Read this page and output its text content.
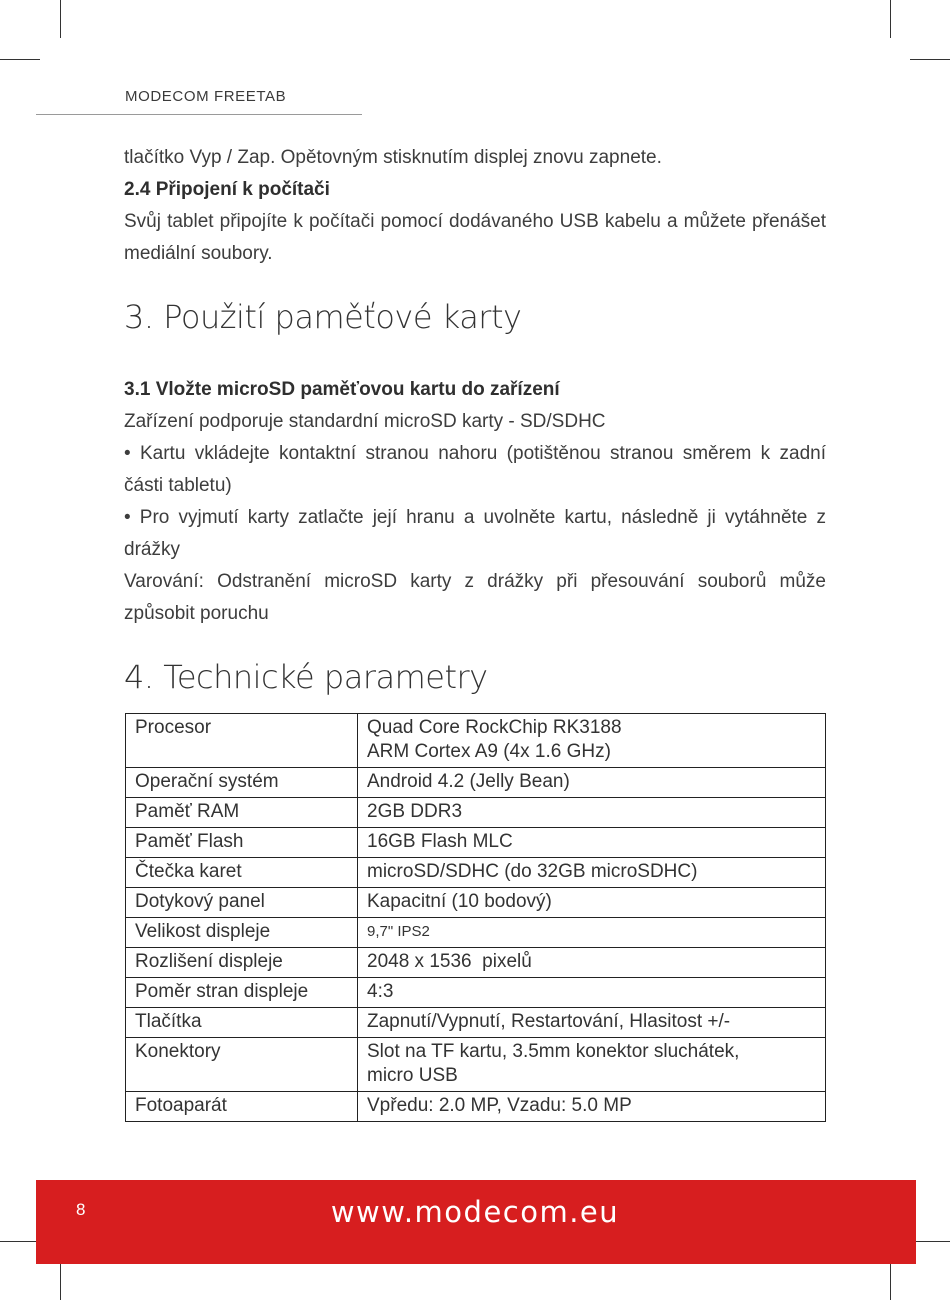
MODECOM FREETAB

tlačítko Vyp / Zap. Opětovným stisknutím displej znovu zapnete.

2.4 Připojení k počítači

Svůj tablet připojíte k počítači pomocí dodávaného USB kabelu a můžete přenášet mediální soubory.

3. Použití paměťové karty

3.1 Vložte microSD paměťovou kartu do zařízení

Zařízení podporuje standardní microSD karty - SD/SDHC

• Kartu vkládejte kontaktní stranou nahoru (potištěnou stranou směrem k zadní části tabletu)

• Pro vyjmutí karty zatlačte její hranu a uvolněte kartu, následně ji vytáhněte z drážky

Varování: Odstranění microSD karty z drážky při přesouvání souborů může způsobit poruchu

4. Technické parametry
Procesor	Quad Core RockChip RK3188
ARM Cortex A9 (4x 1.6 GHz)

Operační systém	Android 4.2 (Jelly Bean)
Paměť RAM	2GB DDR3
Paměť Flash	16GB Flash MLC
Čtečka karet	microSD/SDHC (do 32GB microSDHC)
Dotykový panel	Kapacitní (10 bodový)
Velikost displeje	9,7" IPS2
Rozlišení displeje	2048 x 1536  pixelů
Poměr stran displeje	4:3
Tlačítka	Zapnutí/Vypnutí, Restartování, Hlasitost +/-
Konektory	Slot na TF kartu, 3.5mm konektor sluchátek,
micro USB

Fotoaparát	Vpředu: 2.0 MP, Vzadu: 5.0 MP
8	www.modecom.eu
